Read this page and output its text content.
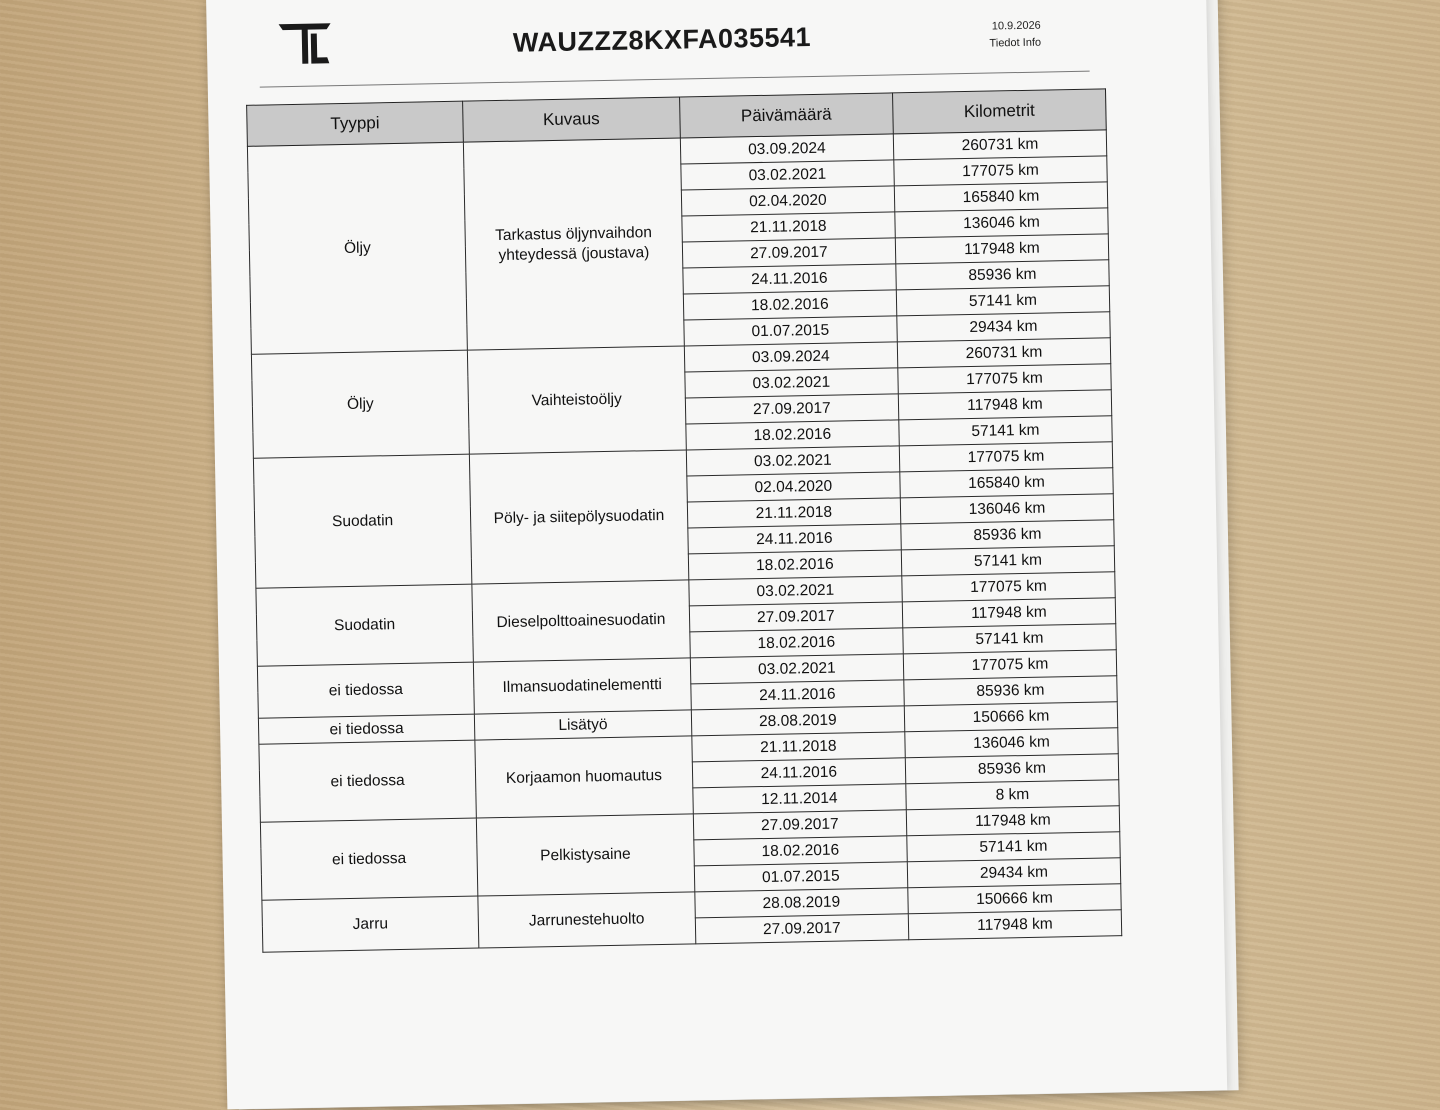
WAUZZZ8KXFA035541	10.9.2026
Tiedot Info
Tyyppi	Kuvaus	Päivämäärä	Kilometrit
Öljy	Tarkastus öljynvaihdon yhteydessä (joustava)	03.09.2024	260731 km
		03.02.2021	177075 km
		02.04.2020	165840 km
		21.11.2018	136046 km
		27.09.2017	117948 km
		24.11.2016	85936 km
		18.02.2016	57141 km
		01.07.2015	29434 km
Öljy	Vaihteistoöljy	03.09.2024	260731 km
		03.02.2021	177075 km
		27.09.2017	117948 km
		18.02.2016	57141 km
Suodatin	Pöly- ja siitepölysuodatin	03.02.2021	177075 km
		02.04.2020	165840 km
		21.11.2018	136046 km
		24.11.2016	85936 km
		18.02.2016	57141 km
Suodatin	Dieselpolttoainesuodatin	03.02.2021	177075 km
		27.09.2017	117948 km
		18.02.2016	57141 km
ei tiedossa	Ilmansuodatinelementti	03.02.2021	177075 km
		24.11.2016	85936 km
ei tiedossa	Lisätyö	28.08.2019	150666 km
ei tiedossa	Korjaamon huomautus	21.11.2018	136046 km
		24.11.2016	85936 km
		12.11.2014	8 km
ei tiedossa	Pelkistysaine	27.09.2017	117948 km
		18.02.2016	57141 km
		01.07.2015	29434 km
Jarru	Jarrunestehuolto	28.08.2019	150666 km
		27.09.2017	117948 km
